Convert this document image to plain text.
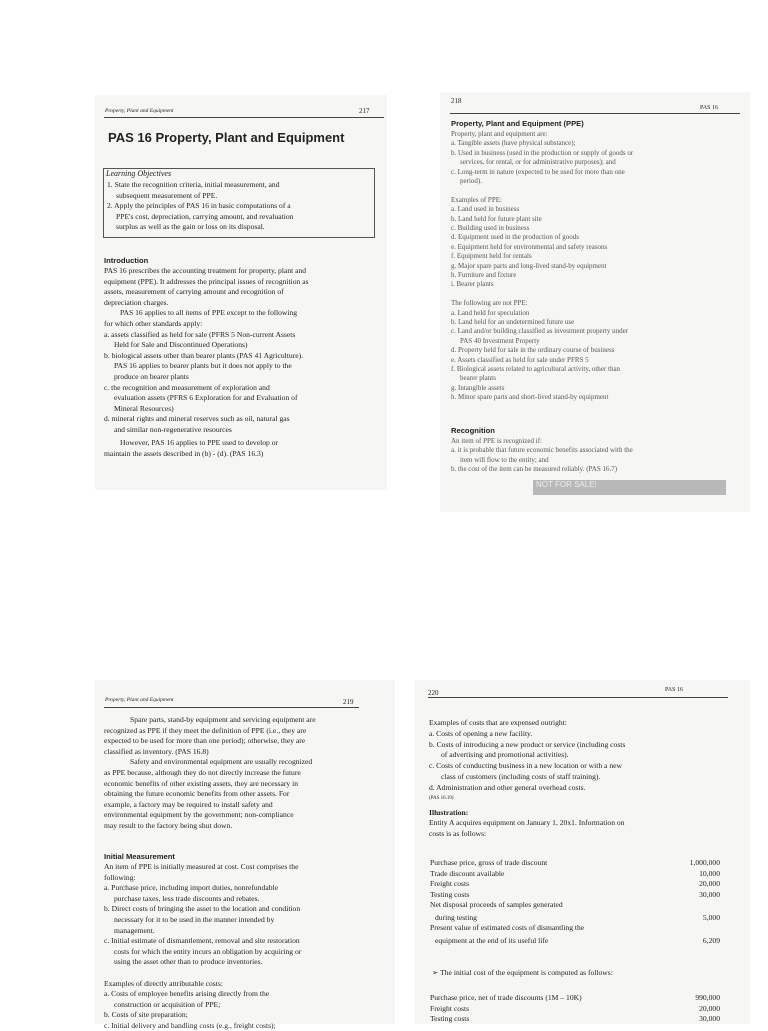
Property, Plant and Equipment	217
PAS 16 Property, Plant and Equipment
Learning Objectives
1. State the recognition criteria, initial measurement, and
subsequent measurement of PPE.
2. Apply the principles of PAS 16 in basic computations of a
PPE's cost, depreciation, carrying amount, and revaluation
surplus as well as the gain or loss on its disposal.
Introduction
PAS 16 prescribes the accounting treatment for property, plant and
equipment (PPE). It addresses the principal issues of recognition as
assets, measurement of carrying amount and recognition of
depreciation charges.
PAS 16 applies to all items of PPE except to the following
for which other standards apply:
a. assets classified as held for sale (PFRS 5 Non-current Assets
Held for Sale and Discontinued Operations)
b. biological assets other than bearer plants (PAS 41 Agriculture).
PAS 16 applies to bearer plants but it does not apply to the
produce on bearer plants
c. the recognition and measurement of exploration and
evaluation assets (PFRS 6 Exploration for and Evaluation of
Mineral Resources)
d. mineral rights and mineral reserves such as oil, natural gas
and similar non-regenerative resources
However, PAS 16 applies to PPE used to develop or
maintain the assets described in (b) - (d). (PAS 16.3)
218
PAS 16
Property, Plant and Equipment (PPE)
Property, plant and equipment are:
a. Tangible assets (have physical substance);
b. Used in business (used in the production or supply of goods or
services, for rental, or for administrative purposes); and
c. Long-term in nature (expected to be used for more than one
period).
Examples of PPE:
a. Land used in business
b. Land held for future plant site
c. Building used in business
d. Equipment used in the production of goods
e. Equipment held for environmental and safety reasons
f. Equipment held for rentals
g. Major spare parts and long-lived stand-by equipment
h. Furniture and fixture
i. Bearer plants
The following are not PPE:
a. Land held for speculation
b. Land held for an undetermined future use
c. Land and/or building classified as investment property under
PAS 40 Investment Property
d. Property held for sale in the ordinary course of business
e. Assets classified as held for sale under PFRS 5
f. Biological assets related to agricultural activity, other than
bearer plants
g. Intangible assets
h. Minor spare parts and short-lived stand-by equipment
Recognition
An item of PPE is recognized if:
a. it is probable that future economic benefits associated with the
item will flow to the entity; and
b. the cost of the item can be measured reliably. (PAS 16.7)
NOT FOR SALE!
Property, Plant and Equipment	219
Spare parts, stand-by equipment and servicing equipment are
recognized as PPE if they meet the definition of PPE (i.e., they are
expected to be used for more than one period); otherwise, they are
classified as inventory. (PAS 16.8)
Safety and environmental equipment are usually recognized
as PPE because, although they do not directly increase the future
economic benefits of other existing assets, they are necessary in
obtaining the future economic benefits from other assets. For
example, a factory may be required to install safety and
environmental equipment by the government; non-compliance
may result to the factory being shut down.
Initial Measurement
An item of PPE is initially measured at cost. Cost comprises the
following:
a. Purchase price, including import duties, nonrefundable
purchase taxes, less trade discounts and rebates.
b. Direct costs of bringing the asset to the location and condition
necessary for it to be used in the manner intended by
management.
c. Initial estimate of dismantlement, removal and site restoration
costs for which the entity incurs an obligation by acquiring or
using the asset other than to produce inventories.
Examples of directly attributable costs:
a. Costs of employee benefits arising directly from the
construction or acquisition of PPE;
b. Costs of site preparation;
c. Initial delivery and handling costs (e.g., freight costs);
220	PAS 16
Examples of costs that are expensed outright:
a. Costs of opening a new facility.
b. Costs of introducing a new product or service (including costs
of advertising and promotional activities).
c. Costs of conducting business in a new location or with a new
class of customers (including costs of staff training).
d. Administration and other general overhead costs.
(PAS 16.19)
Illustration:
Entity A acquires equipment on January 1, 20x1. Information on
costs is as follows:
Purchase price, gross of trade discount	1,000,000
Trade discount available	10,000
Freight costs	20,000
Testing costs	30,000
Net disposal proceeds of samples generated
during testing	5,000
Present value of estimated costs of dismantling the
equipment at the end of its useful life	6,209
➢ The initial cost of the equipment is computed as follows:
Purchase price, net of trade discounts (1M – 10K)	990,000
Freight costs	20,000
Testing costs	30,000
